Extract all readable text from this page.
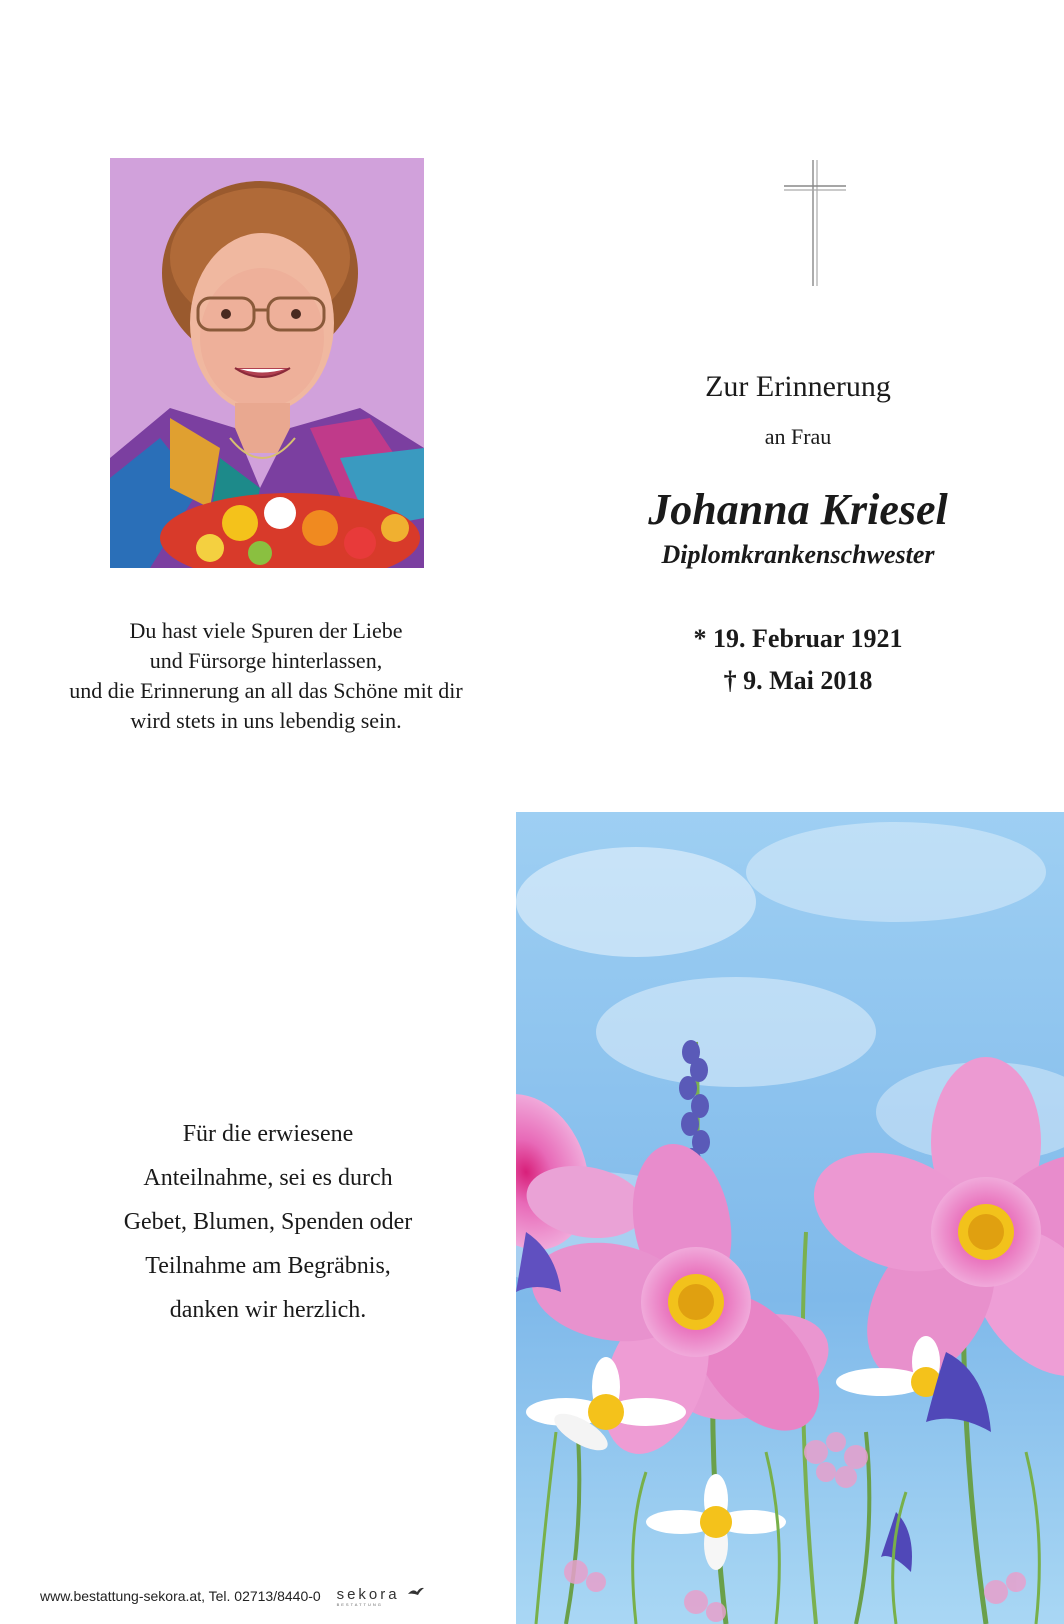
Du hast viele Spuren der Liebe
und Fürsorge hinterlassen,
und die Erinnerung an all das Schöne mit dir
wird stets in uns lebendig sein.
Zur Erinnerung
an Frau
Johanna Kriesel
Diplomkrankenschwester
* 19. Februar 1921
† 9. Mai 2018
Für die erwiesene
Anteilnahme, sei es durch
Gebet, Blumen, Spenden oder
Teilnahme am Begräbnis,
danken wir herzlich.
www.bestattung-sekora.at, Tel. 02713/8440-0 sekora
BESTATTUNG
